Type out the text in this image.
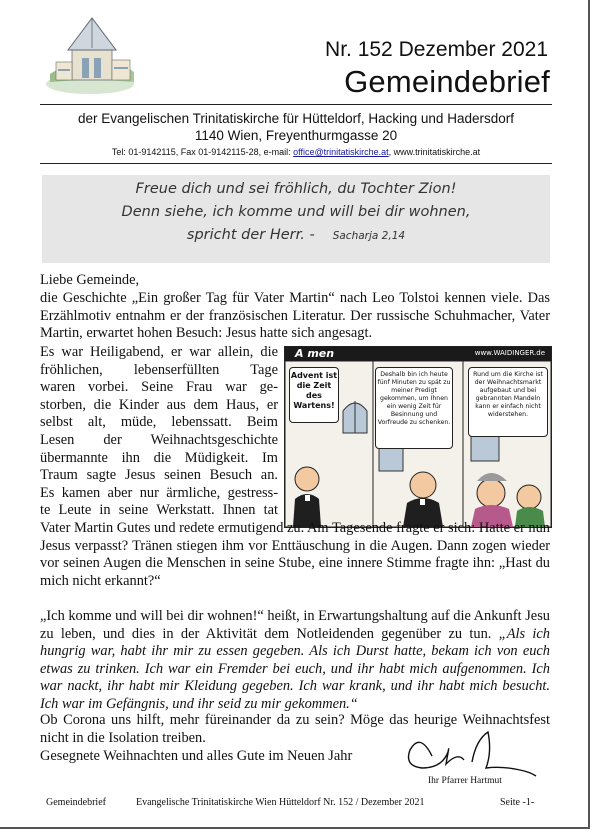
Nr. 152 Dezember 2021
Gemeindebrief
der Evangelischen Trinitatiskirche für Hütteldorf, Hacking und Hadersdorf
1140 Wien, Freyenthurmgasse 20
Tel: 01-9142115, Fax 01-9142115-28, e-mail: office@trinitatiskirche.at, www.trinitatiskirche.at
Freue dich und sei fröhlich, du Tochter Zion!
Denn siehe, ich komme und will bei dir wohnen,
spricht der Herr. - Sacharja 2,14
Liebe Gemeinde,
die Geschichte „Ein großer Tag für Vater Martin“ nach Leo Tolstoi kennen viele. Das Erzählmotiv entnahm er der französischen Literatur. Der russische Schuhmacher, Vater Martin, erwartet hohen Besuch: Jesus hatte sich angesagt.
Es war Heiligabend, er war allein, die
fröhlichen, lebenserfüllten Tage
waren vorbei. Seine Frau war ge-
storben, die Kinder aus dem Haus, er
selbst alt, müde, lebenssatt. Beim
Lesen der Weihnachtsgeschichte
übermannte ihn die Müdigkeit. Im
Traum sagte Jesus seinen Besuch an.
Es kamen aber nur ärmliche, gestress-
te Leute in seine Werkstatt. Ihnen tat
A men	www.WAIDINGER.de
Advent ist die Zeit des Wartens!
Deshalb bin ich heute fünf Minuten zu spät zu meiner Predigt gekommen, um Ihnen ein wenig Zeit für Besinnung und Vorfreude zu schenken.
Rund um die Kirche ist der Weihnachtsmarkt aufgebaut und bei gebrannten Mandeln kann er einfach nicht widerstehen.
Vater Martin Gutes und redete ermutigend zu. Am Tagesende fragte er sich: Hatte er nun Jesus verpasst? Tränen stiegen ihm vor Enttäuschung in die Augen. Dann zogen wieder vor seinen Augen die Menschen in seine Stube, eine innere Stimme fragte ihn: „Hast du mich nicht erkannt?“
„Ich komme und will bei dir wohnen!“ heißt, in Erwartungshaltung auf die Ankunft Jesu zu leben, und dies in der Aktivität dem Notleidenden gegenüber zu tun. „Als ich hungrig war, habt ihr mir zu essen gegeben. Als ich Durst hatte, bekam ich von euch etwas zu trinken. Ich war ein Fremder bei euch, und ihr habt mich aufgenommen. Ich war nackt, ihr habt mir Kleidung gegeben. Ich war krank, und ihr habt mich besucht. Ich war im Gefängnis, und ihr seid zu mir gekommen.“
Ob Corona uns hilft, mehr füreinander da zu sein? Möge das heurige Weihnachtsfest nicht in die Isolation treiben.
Gesegnete Weihnachten und alles Gute im Neuen Jahr
Ihr Pfarrer Hartmut
Gemeindebrief	Evangelische Trinitatiskirche Wien Hütteldorf Nr. 152 / Dezember 2021	Seite -1-
